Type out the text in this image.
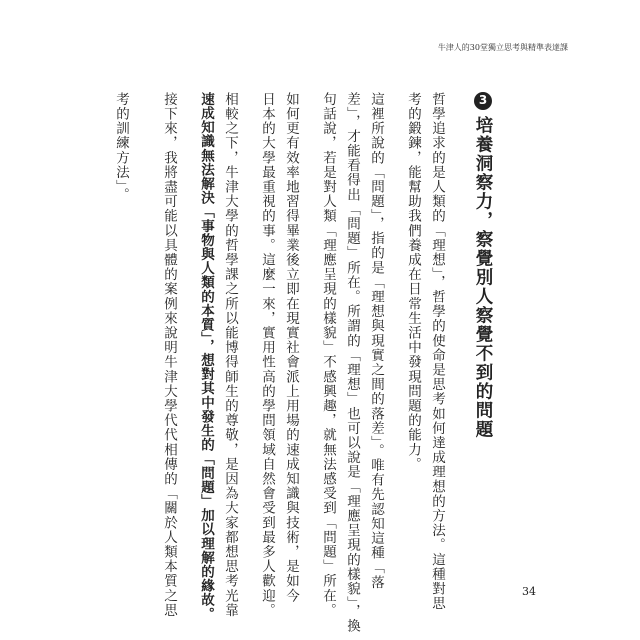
牛津人的30堂獨立思考與精準表達課
3培養洞察力，察覺別人察覺不到的問題
哲學追求的是人類的「理想」，哲學的使命是思考如何達成理想的方法。這種對思
考的鍛鍊，能幫助我們養成在日常生活中發現問題的能力。
這裡所說的「問題」，指的是「理想與現實之間的落差」。唯有先認知這種「落
差」，才能看得出「問題」所在。所謂的「理想」也可以說是「理應呈現的樣貌」，換
句話說，若是對人類「理應呈現的樣貌」不感興趣，就無法感受到「問題」所在。
如何更有效率地習得畢業後立即在現實社會派上用場的速成知識與技術，是如今
日本的大學最重視的事。這麼一來，實用性高的學問領域自然會受到最多人歡迎。
相較之下，牛津大學的哲學課之所以能博得師生的尊敬，是因為大家都想思考光靠
速成知識無法解決「事物與人類的本質」，想對其中發生的「問題」加以理解的緣故。
接下來，我將盡可能以具體的案例來說明牛津大學代代相傳的「關於人類本質之思
考的訓練方法」。
34
